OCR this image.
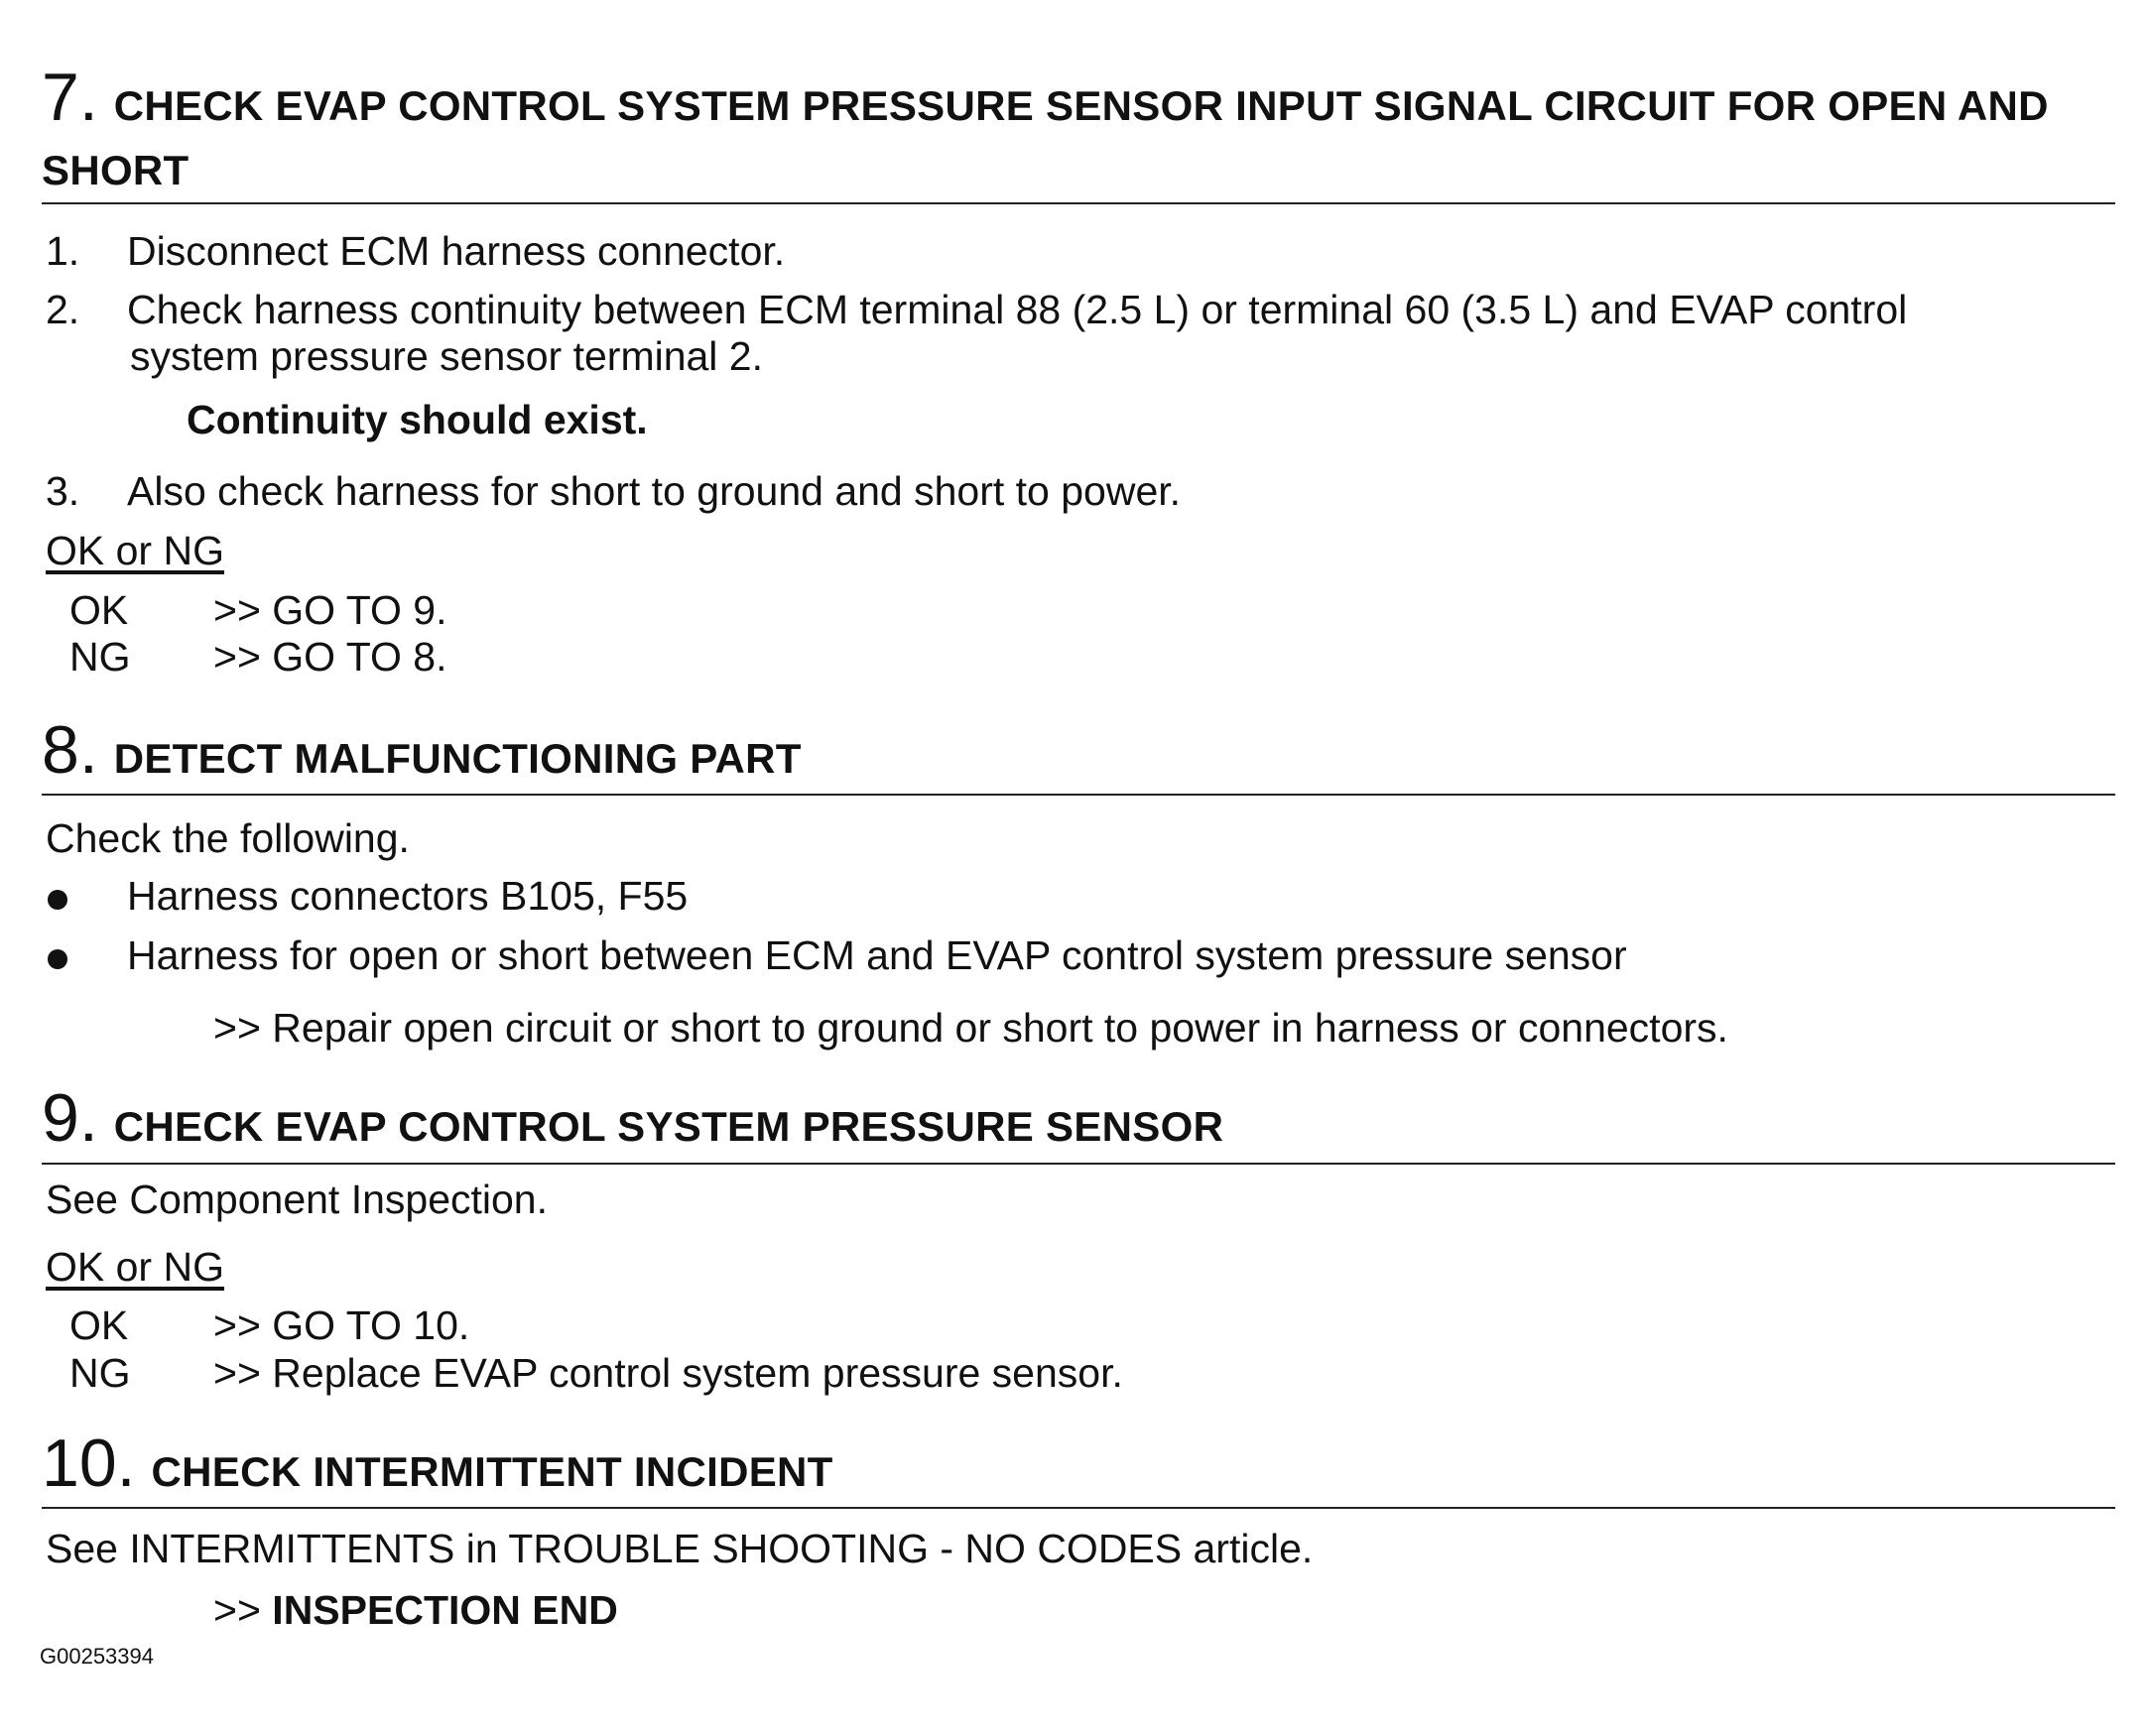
7. CHECK EVAP CONTROL SYSTEM PRESSURE SENSOR INPUT SIGNAL CIRCUIT FOR OPEN AND
SHORT
1. Disconnect ECM harness connector.
2. Check harness continuity between ECM terminal 88 (2.5 L) or terminal 60 (3.5 L) and EVAP control
system pressure sensor terminal 2.
Continuity should exist.
3. Also check harness for short to ground and short to power.
OK or NG
OK >> GO TO 9.
NG >> GO TO 8.
8. DETECT MALFUNCTIONING PART
Check the following.
Harness connectors B105, F55
Harness for open or short between ECM and EVAP control system pressure sensor
>> Repair open circuit or short to ground or short to power in harness or connectors.
9. CHECK EVAP CONTROL SYSTEM PRESSURE SENSOR
See Component Inspection.
OK or NG
OK >> GO TO 10.
NG >> Replace EVAP control system pressure sensor.
10. CHECK INTERMITTENT INCIDENT
See INTERMITTENTS in TROUBLE SHOOTING - NO CODES article.
>> INSPECTION END
G00253394
